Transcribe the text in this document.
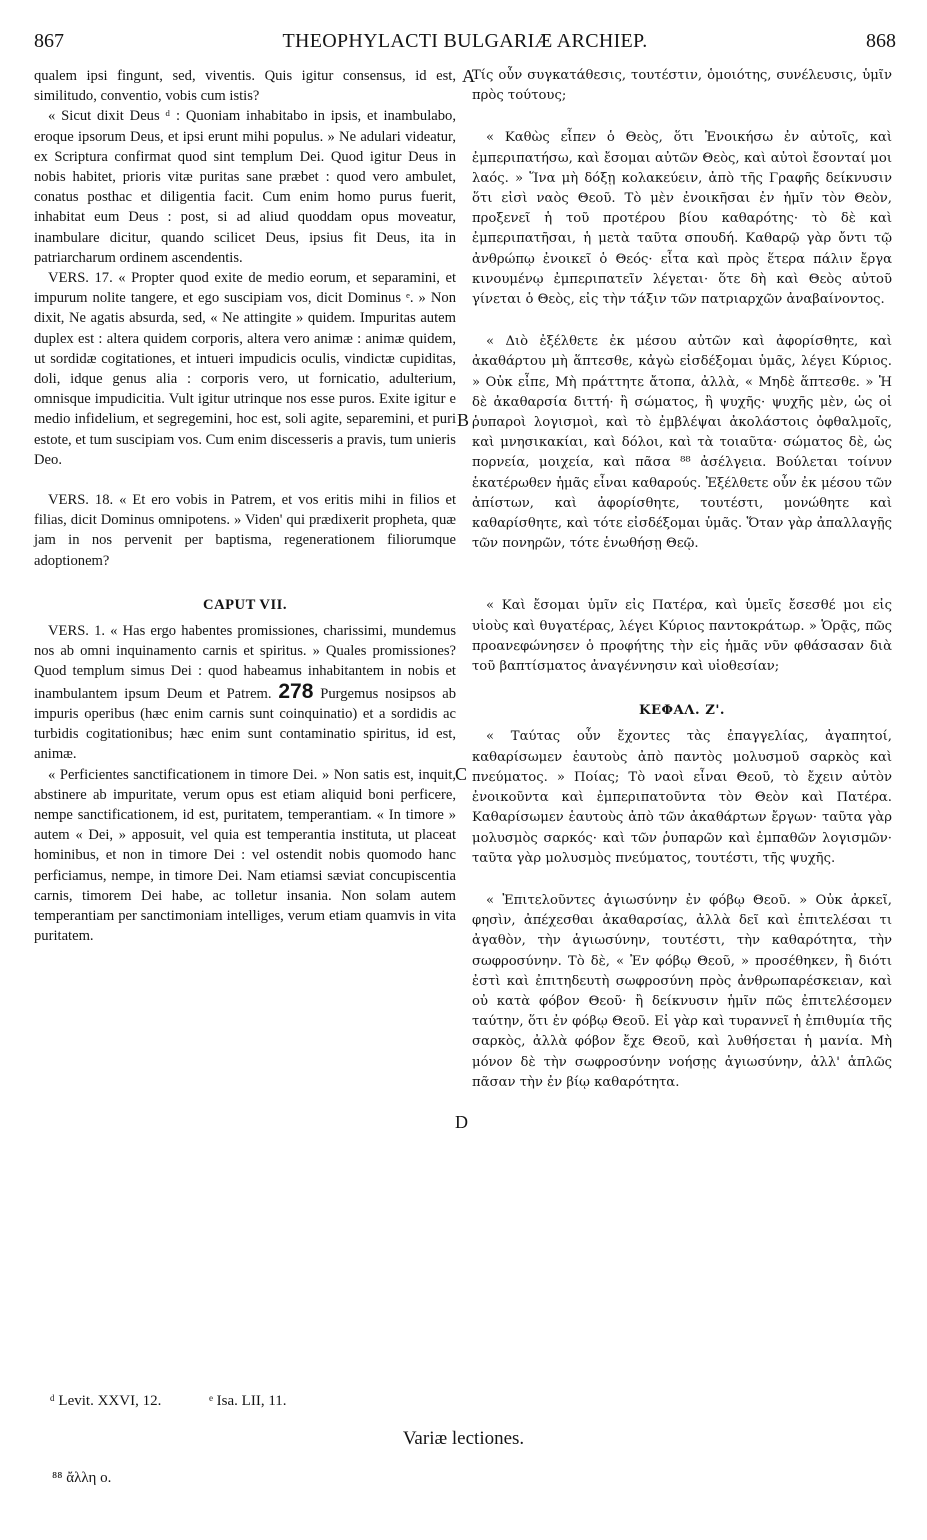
867	THEOPHYLACTI BULGARIÆ ARCHIEP.	868
A
B
C
D

qualem ipsi fingunt, sed, viventis. Quis igitur consensus, id est, similitudo, conventio, vobis cum istis?

« Sicut dixit Deus ᵈ : Quoniam inhabitabo in ipsis, et inambulabo, eroque ipsorum Deus, et ipsi erunt mihi populus. » Ne adulari videatur, ex Scriptura confirmat quod sint templum Dei. Quod igitur Deus in nobis habitet, prioris vitæ puritas sane præbet : quod vero ambulet, conatus posthac et diligentia facit. Cum enim homo purus fuerit, inhabitat eum Deus : post, si ad aliud quoddam opus moveatur, inambulare dicitur, quando scilicet Deus, ipsius fit Deus, ita in patriarcharum ordinem ascendentis.

VERS. 17. « Propter quod exite de medio eorum, et separamini, et impurum nolite tangere, et ego suscipiam vos, dicit Dominus ᵉ. » Non dixit, Ne agatis absurda, sed, « Ne attingite » quidem. Impuritas autem duplex est : altera quidem corporis, altera vero animæ : animæ quidem, ut sordidæ cogitationes, et intueri impudicis oculis, vindictæ cupiditas, doli, idque genus alia : corporis vero, ut fornicatio, adulterium, omnisque impudicitia. Vult igitur utrinque nos esse puros. Exite igitur e medio infidelium, et segregemini, hoc est, soli agite, separemini, et puri estote, et tum suscipiam vos. Cum enim discesseris a pravis, tum unieris Deo.

VERS. 18. « Et ero vobis in Patrem, et vos eritis mihi in filios et filias, dicit Dominus omnipotens. » Viden' qui prædixerit propheta, quæ jam in nos pervenit per baptisma, regenerationem filiorumque adoptionem?

CAPUT VII.

VERS. 1. « Has ergo habentes promissiones, charissimi, mundemus nos ab omni inquinamento carnis et spiritus. » Quales promissiones? Quod templum simus Dei : quod habeamus inhabitantem in nobis et inambulantem ipsum Deum et Patrem. 278 Purgemus nosipsos ab impuris operibus (hæc enim carnis sunt coinquinatio) et a sordidis ac turbidis cogitationibus; hæc enim sunt contaminatio spiritus, id est, animæ.

« Perficientes sanctificationem in timore Dei. » Non satis est, inquit, abstinere ab impuritate, verum opus est etiam aliquid boni perficere, nempe sanctificationem, id est, puritatem, temperantiam. « In timore » autem « Dei, » apposuit, vel quia est temperantia instituta, ut placeat hominibus, et non in timore Dei : vel ostendit nobis quomodo hanc perficiamus, nempe, in timore Dei. Nam etiamsi sæviat concupiscentia carnis, timorem Dei habe, ac tolletur insania. Non solam autem temperantiam per sanctimoniam intelliges, verum etiam quamvis in vita puritatem.

Τίς οὖν συγκατάθεσις, τουτέστιν, ὁμοιότης, συνέλευσις, ὑμῖν πρὸς τούτους;

« Καθὼς εἶπεν ὁ Θεὸς, ὅτι Ἐνοικήσω ἐν αὐτοῖς, καὶ ἐμπεριπατήσω, καὶ ἔσομαι αὐτῶν Θεὸς, καὶ αὐτοὶ ἔσονταί μοι λαός. » Ἵνα μὴ δόξῃ κολακεύειν, ἀπὸ τῆς Γραφῆς δείκνυσιν ὅτι εἰσὶ ναὸς Θεοῦ. Τὸ μὲν ἐνοικῆσαι ἐν ἡμῖν τὸν Θεὸν, προξενεῖ ἡ τοῦ προτέρου βίου καθαρότης· τὸ δὲ καὶ ἐμπεριπατῆσαι, ἡ μετὰ ταῦτα σπουδή. Καθαρῷ γὰρ ὄντι τῷ ἀνθρώπῳ ἐνοικεῖ ὁ Θεός· εἶτα καὶ πρὸς ἕτερα πάλιν ἔργα κινουμένῳ ἐμπεριπατεῖν λέγεται· ὅτε δὴ καὶ Θεὸς αὐτοῦ γίνεται ὁ Θεὸς, εἰς τὴν τάξιν τῶν πατριαρχῶν ἀναβαίνοντος.

« Διὸ ἐξέλθετε ἐκ μέσου αὐτῶν καὶ ἀφορίσθητε, καὶ ἀκαθάρτου μὴ ἅπτεσθε, κἀγὼ εἰσδέξομαι ὑμᾶς, λέγει Κύριος. » Οὐκ εἶπε, Μὴ πράττητε ἄτοπα, ἀλλὰ, « Μηδὲ ἅπτεσθε. » Ἡ δὲ ἀκαθαρσία διττή· ἢ σώματος, ἢ ψυχῆς· ψυχῆς μὲν, ὡς οἱ ῥυπαροὶ λογισμοὶ, καὶ τὸ ἐμβλέψαι ἀκολάστοις ὀφθαλμοῖς, καὶ μνησικακίαι, καὶ δόλοι, καὶ τὰ τοιαῦτα· σώματος δὲ, ὡς πορνεία, μοιχεία, καὶ πᾶσα ⁸⁸ ἀσέλγεια. Βούλεται τοίνυν ἑκατέρωθεν ἡμᾶς εἶναι καθαρούς. Ἐξέλθετε οὖν ἐκ μέσου τῶν ἀπίστων, καὶ ἀφορίσθητε, τουτέστι, μονώθητε καὶ καθαρίσθητε, καὶ τότε εἰσδέξομαι ὑμᾶς. Ὅταν γὰρ ἀπαλλαγῇς τῶν πονηρῶν, τότε ἑνωθήσῃ Θεῷ.

« Καὶ ἔσομαι ὑμῖν εἰς Πατέρα, καὶ ὑμεῖς ἔσεσθέ μοι εἰς υἱοὺς καὶ θυγατέρας, λέγει Κύριος παντοκράτωρ. » Ὁρᾷς, πῶς προανεφώνησεν ὁ προφήτης τὴν εἰς ἡμᾶς νῦν φθάσασαν διὰ τοῦ βαπτίσματος ἀναγέννησιν καὶ υἱοθεσίαν;

ΚΕΦΑΛ. Ζ'.

« Ταύτας οὖν ἔχοντες τὰς ἐπαγγελίας, ἀγαπητοί, καθαρίσωμεν ἑαυτοὺς ἀπὸ παντὸς μολυσμοῦ σαρκὸς καὶ πνεύματος. » Ποίας; Τὸ ναοὶ εἶναι Θεοῦ, τὸ ἔχειν αὐτὸν ἐνοικοῦντα καὶ ἐμπεριπατοῦντα τὸν Θεὸν καὶ Πατέρα. Καθαρίσωμεν ἑαυτοὺς ἀπὸ τῶν ἀκαθάρτων ἔργων· ταῦτα γὰρ μολυσμὸς σαρκός· καὶ τῶν ῥυπαρῶν καὶ ἐμπαθῶν λογισμῶν· ταῦτα γὰρ μολυσμὸς πνεύματος, τουτέστι, τῆς ψυχῆς.

« Ἐπιτελοῦντες ἁγιωσύνην ἐν φόβῳ Θεοῦ. » Οὐκ ἀρκεῖ, φησὶν, ἀπέχεσθαι ἀκαθαρσίας, ἀλλὰ δεῖ καὶ ἐπιτελέσαι τι ἀγαθὸν, τὴν ἁγιωσύνην, τουτέστι, τὴν καθαρότητα, τὴν σωφροσύνην. Τὸ δὲ, « Ἐν φόβῳ Θεοῦ, » προσέθηκεν, ἢ διότι ἐστὶ καὶ ἐπιτηδευτὴ σωφροσύνη πρὸς ἀνθρωπαρέσκειαν, καὶ οὐ κατὰ φόβον Θεοῦ· ἢ δείκνυσιν ἡμῖν πῶς ἐπιτελέσομεν ταύτην, ὅτι ἐν φόβῳ Θεοῦ. Εἰ γὰρ καὶ τυραννεῖ ἡ ἐπιθυμία τῆς σαρκὸς, ἀλλὰ φόβον ἔχε Θεοῦ, καὶ λυθήσεται ἡ μανία. Μὴ μόνον δὲ τὴν σωφροσύνην νοήσῃς ἁγιωσύνην, ἀλλ' ἁπλῶς πᾶσαν τὴν ἐν βίῳ καθαρότητα.

ᵈ Levit. XXVI, 12.	ᵉ Isa. LII, 11.
Variæ lectiones.
⁸⁸ ἄλλη ο.
